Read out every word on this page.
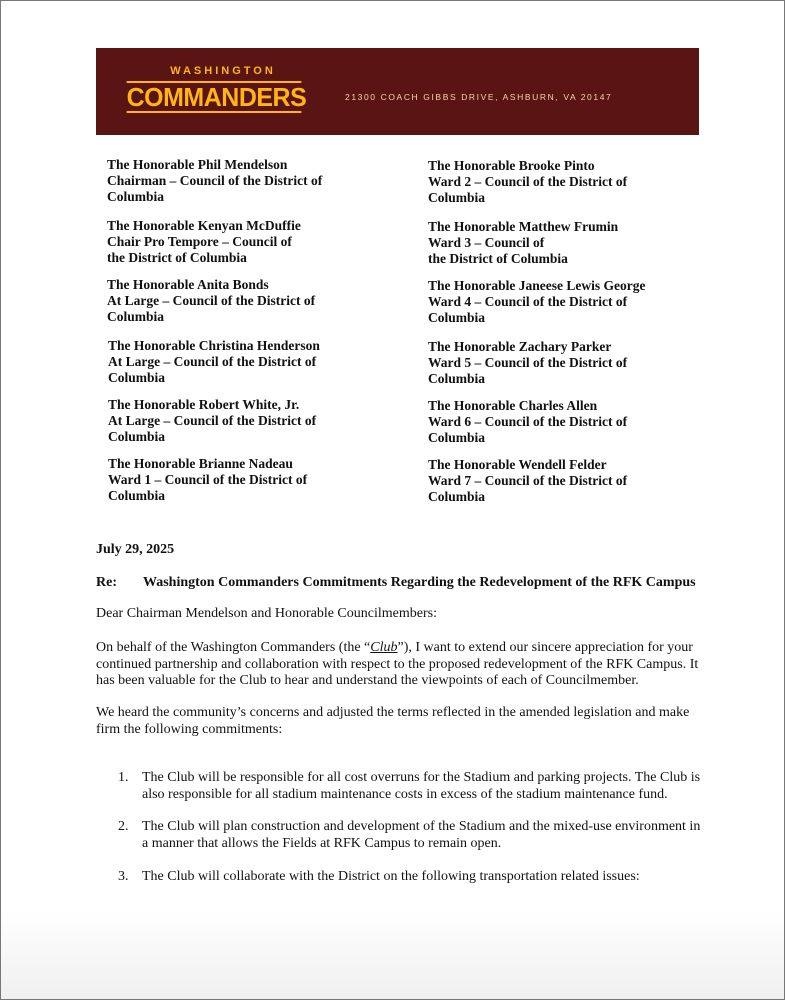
WASHINGTON
COMMANDERS	21300 COACH GIBBS DRIVE, ASHBURN, VA 20147
The Honorable Phil Mendelson
Chairman – Council of the District of
Columbia
The Honorable Kenyan McDuffie
Chair Pro Tempore – Council of
the District of Columbia
The Honorable Anita Bonds
At Large – Council of the District of
Columbia
The Honorable Christina Henderson
At Large – Council of the District of
Columbia
The Honorable Robert White, Jr.
At Large – Council of the District of
Columbia
The Honorable Brianne Nadeau
Ward 1 – Council of the District of
Columbia
The Honorable Brooke Pinto
Ward 2 – Council of the District of
Columbia
The Honorable Matthew Frumin
Ward 3 – Council of
the District of Columbia
The Honorable Janeese Lewis George
Ward 4 – Council of the District of
Columbia
The Honorable Zachary Parker
Ward 5 – Council of the District of
Columbia
The Honorable Charles Allen
Ward 6 – Council of the District of
Columbia
The Honorable Wendell Felder
Ward 7 – Council of the District of
Columbia
July 29, 2025
Re: Washington Commanders Commitments Regarding the Redevelopment of the RFK Campus
Dear Chairman Mendelson and Honorable Councilmembers:
On behalf of the Washington Commanders (the “Club”), I want to extend our sincere appreciation for your continued partnership and collaboration with respect to the proposed redevelopment of the RFK Campus. It has been valuable for the Club to hear and understand the viewpoints of each of Councilmember.
We heard the community’s concerns and adjusted the terms reflected in the amended legislation and make firm the following commitments:
1. The Club will be responsible for all cost overruns for the Stadium and parking projects. The Club is also responsible for all stadium maintenance costs in excess of the stadium maintenance fund.
2. The Club will plan construction and development of the Stadium and the mixed-use environment in a manner that allows the Fields at RFK Campus to remain open.
3. The Club will collaborate with the District on the following transportation related issues:
